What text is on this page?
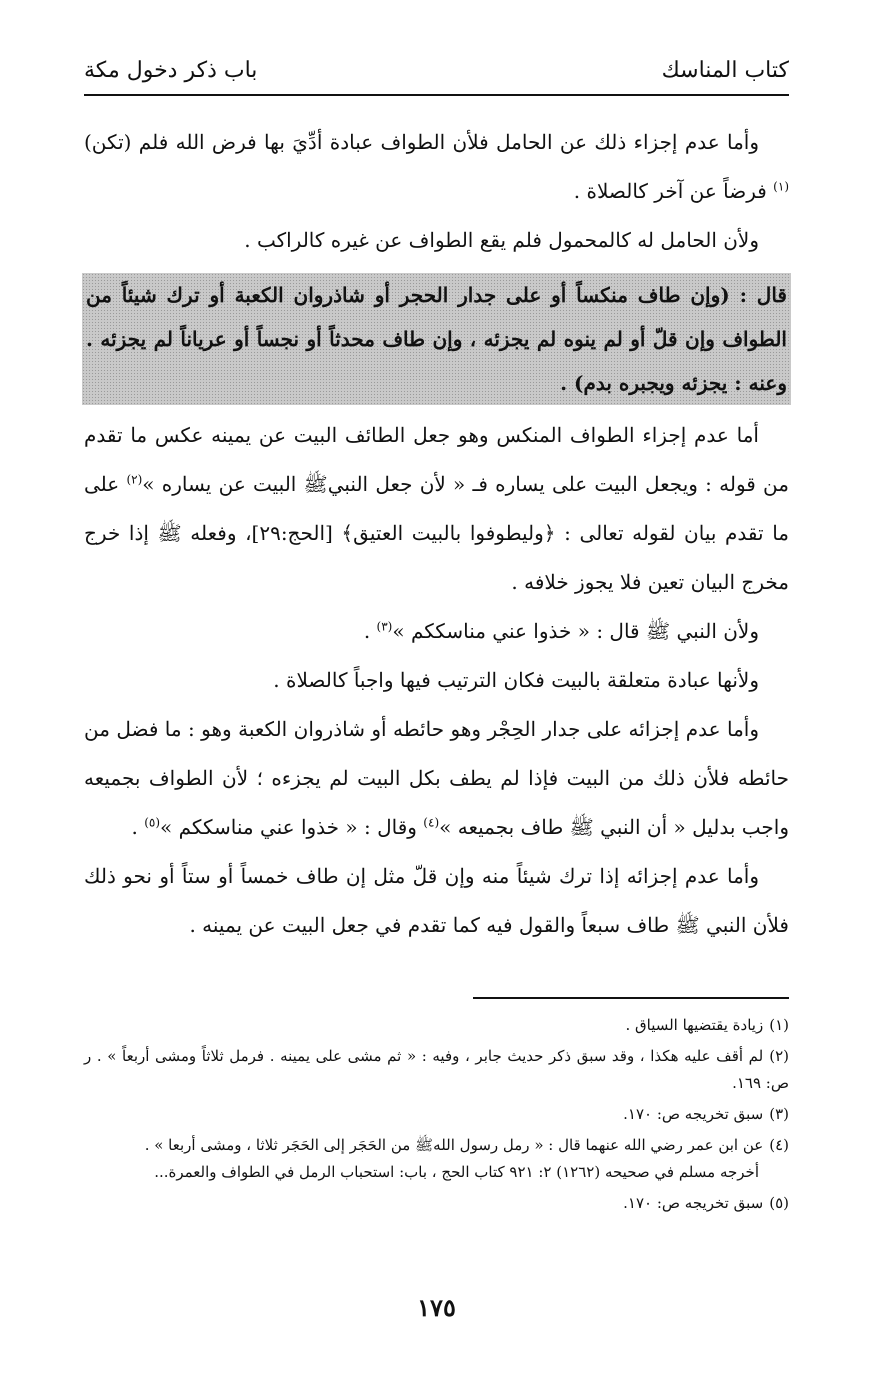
كتاب المناسك
باب ذكر دخول مكة

وأما عدم إجزاء ذلك عن الحامل فلأن الطواف عبادة أدِّيَ بها فرض الله فلم (تكن)$^{(١)}$ فرضاً عن آخر كالصلاة .

ولأن الحامل له كالمحمول فلم يقع الطواف عن غيره كالراكب .

قال : (وإن طاف منكساً أو على جدار الحجر أو شاذروان الكعبة أو ترك شيئاً من الطواف وإن قلّ أو لم ينوه لم يجزئه ، وإن طاف محدثاً أو نجساً أو عرياناً لم يجزئه . وعنه : يجزئه ويجبره بدم) .

أما عدم إجزاء الطواف المنكس وهو جعل الطائف البيت عن يمينه عكس ما تقدم من قوله : ويجعل البيت على يساره فـ « لأن جعل النبيﷺ البيت عن يساره »$^{(٢)}$ على ما تقدم بيان لقوله تعالى : ﴿وليطوفوا بالبيت العتيق﴾ [الحج:٢٩]، وفعله ﷺ إذا خرج مخرج البيان تعين فلا يجوز خلافه .

ولأن النبي ﷺ قال : « خذوا عني مناسككم »$^{(٣)}$ .

ولأنها عبادة متعلقة بالبيت فكان الترتيب فيها واجباً كالصلاة .

وأما عدم إجزائه على جدار الحِجْر وهو حائطه أو شاذروان الكعبة وهو : ما فضل من حائطه فلأن ذلك من البيت فإذا لم يطف بكل البيت لم يجزءه ؛ لأن الطواف بجميعه واجب بدليل « أن النبي ﷺ طاف بجميعه »$^{(٤)}$ وقال : « خذوا عني مناسككم »$^{(٥)}$ .

وأما عدم إجزائه إذا ترك شيئاً منه وإن قلّ مثل إن طاف خمساً أو ستاً أو نحو ذلك فلأن النبي ﷺ طاف سبعاً والقول فيه كما تقدم في جعل البيت عن يمينه .

(١)زيادة يقتضيها السياق .

(٢)لم أقف عليه هكذا ، وقد سبق ذكر حديث جابر ، وفيه : « ثم مشى على يمينه . فرمل ثلاثاً ومشى أربعاً » . ر ص: ١٦٩.

(٣)سبق تخريجه ص: ١٧٠.

(٤)عن ابن عمر رضي الله عنهما قال : « رمل رسول اللهﷺ من الحَجَر إلى الحَجَر ثلاثا ، ومشى أربعا » .

أخرجه مسلم في صحيحه (١٢٦٢) ٢: ٩٢١ كتاب الحج ، باب: استحباب الرمل في الطواف والعمرة...

(٥)سبق تخريجه ص: ١٧٠.

١٧٥
